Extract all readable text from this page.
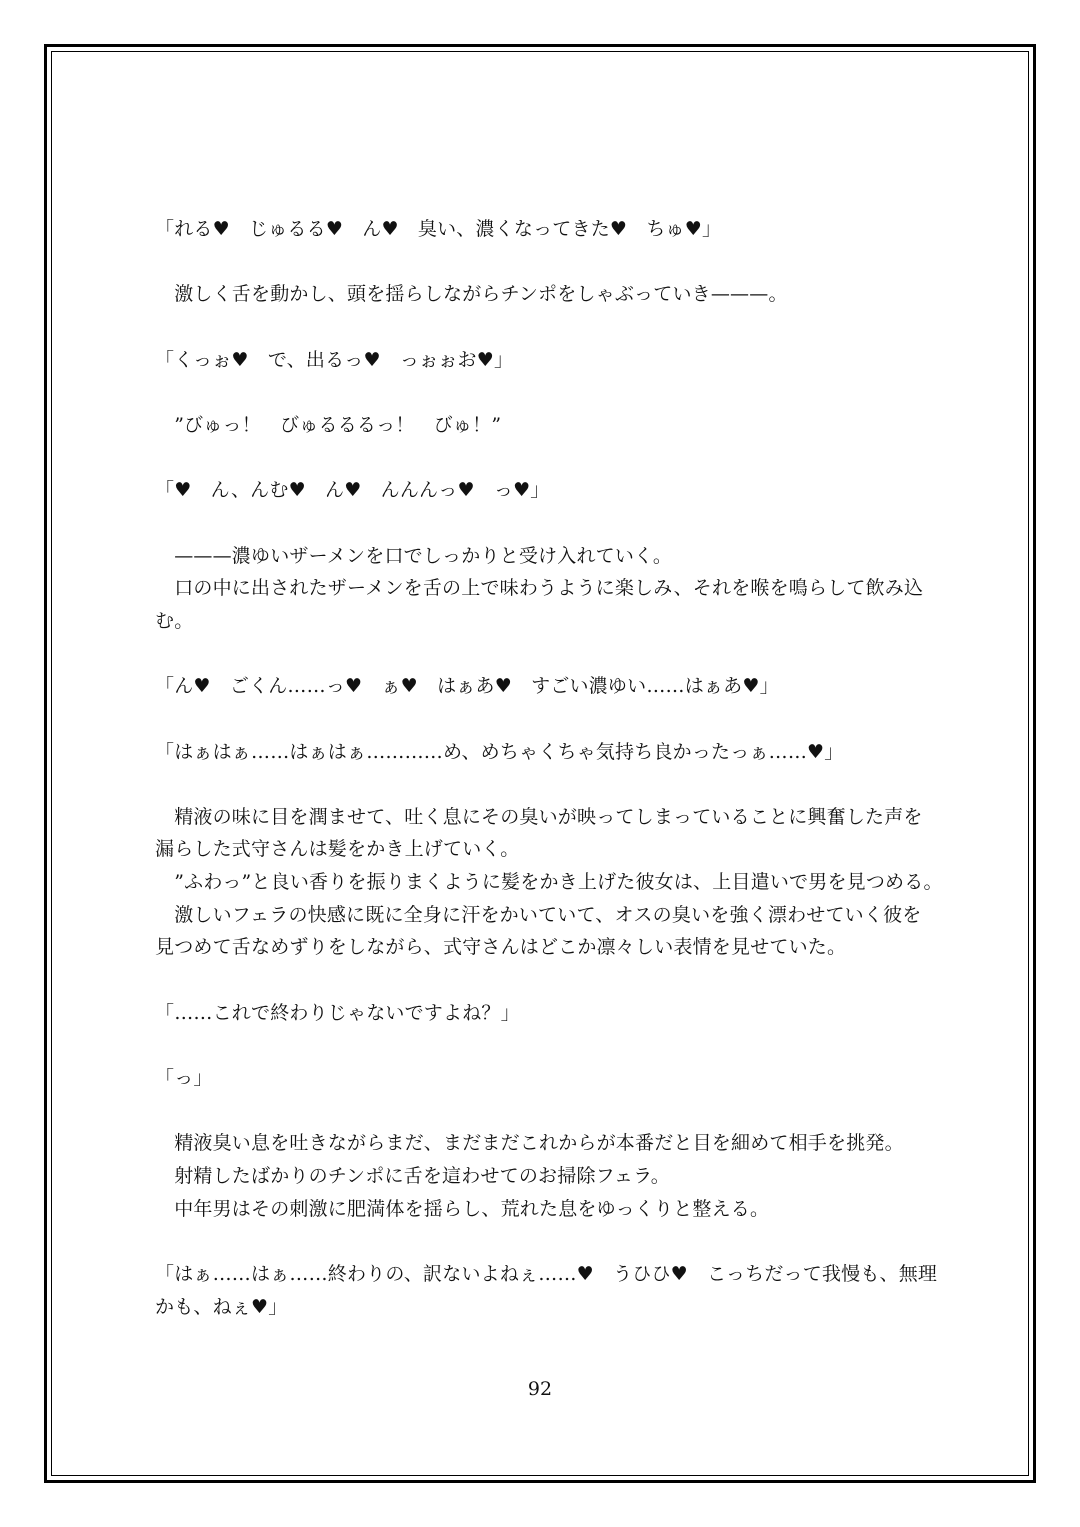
「れる♥　じゅるる♥　ん♥　臭い、濃くなってきた♥　ちゅ♥」
　激しく舌を動かし、頭を揺らしながらチンポをしゃぶっていき———。
「くっぉ♥　で、出るっ♥　っぉぉお♥」
　”びゅっ！　びゅるるるっ！　びゅ！”
「♥　ん、んむ♥　ん♥　んんんっ♥　っ♥」
　———濃ゆいザーメンを口でしっかりと受け入れていく。
　口の中に出されたザーメンを舌の上で味わうように楽しみ、それを喉を鳴らして飲み込
む。
「ん♥　ごくん……っ♥　ぁ♥　はぁあ♥　すごい濃ゆい……はぁあ♥」
「はぁはぁ……はぁはぁ…………め、めちゃくちゃ気持ち良かったっぁ……♥」
　精液の味に目を潤ませて、吐く息にその臭いが映ってしまっていることに興奮した声を
漏らした式守さんは髪をかき上げていく。
　”ふわっ”と良い香りを振りまくように髪をかき上げた彼女は、上目遣いで男を見つめる。
　激しいフェラの快感に既に全身に汗をかいていて、オスの臭いを強く漂わせていく彼を
見つめて舌なめずりをしながら、式守さんはどこか凛々しい表情を見せていた。
「……これで終わりじゃないですよね？」
「っ」
　精液臭い息を吐きながらまだ、まだまだこれからが本番だと目を細めて相手を挑発。
　射精したばかりのチンポに舌を這わせてのお掃除フェラ。
　中年男はその刺激に肥満体を揺らし、荒れた息をゆっくりと整える。
「はぁ……はぁ……終わりの、訳ないよねぇ……♥　うひひ♥　こっちだって我慢も、無理
かも、ねぇ♥」
92
